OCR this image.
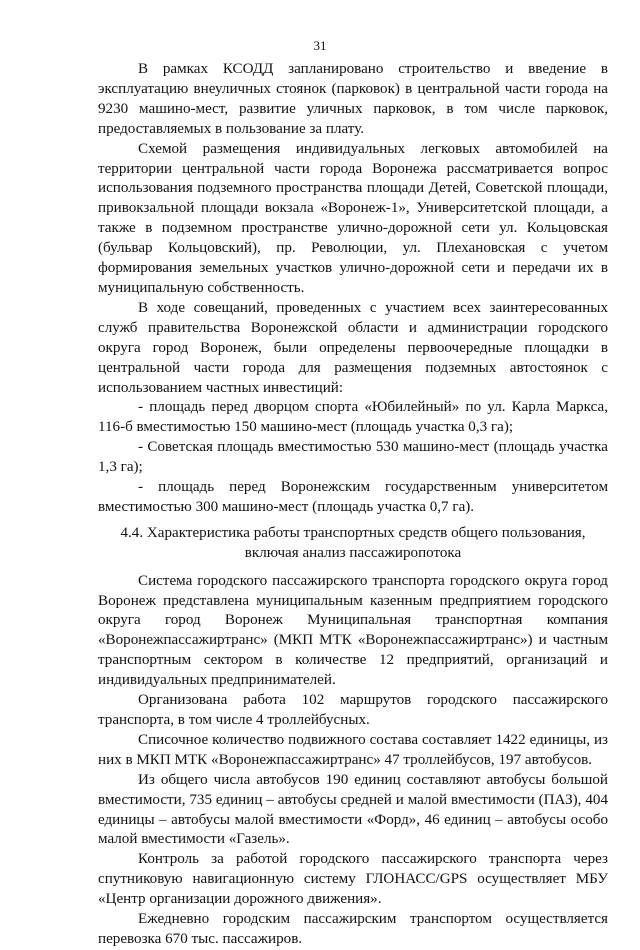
31

В рамках КСОДД запланировано строительство и введение в эксплуатацию внеуличных стоянок (парковок) в центральной части города на 9230 машино-мест, развитие уличных парковок, в том числе парковок, предоставляемых в пользование за плату.

Схемой размещения индивидуальных легковых автомобилей на территории центральной части города Воронежа рассматривается вопрос использования подземного пространства площади Детей, Советской площади, привокзальной площади вокзала «Воронеж-1», Университетской площади, а также в подземном пространстве улично-дорожной сети ул. Кольцовская (бульвар Кольцовский), пр. Революции, ул. Плехановская с учетом формирования земельных участков улично-дорожной сети и передачи их в муниципальную собственность.

В ходе совещаний, проведенных с участием всех заинтересованных служб правительства Воронежской области и администрации городского округа город Воронеж, были определены первоочередные площадки в центральной части города для размещения подземных автостоянок с использованием частных инвестиций:

- площадь перед дворцом спорта «Юбилейный» по ул. Карла Маркса, 116-б вместимостью 150 машино-мест (площадь участка 0,3 га);

- Советская площадь вместимостью 530 машино-мест (площадь участка 1,3 га);

- площадь перед Воронежским государственным университетом вместимостью 300 машино-мест (площадь участка 0,7 га).

4.4. Характеристика работы транспортных средств общего пользования,
включая анализ пассажиропотока

Система городского пассажирского транспорта городского округа город Воронеж представлена муниципальным казенным предприятием городского округа город Воронеж Муниципальная транспортная компания «Воронежпассажиртранс» (МКП МТК «Воронежпассажиртранс») и частным транспортным сектором в количестве 12 предприятий, организаций и индивидуальных предпринимателей.

Организована работа 102 маршрутов городского пассажирского транспорта, в том числе 4 троллейбусных.

Списочное количество подвижного состава составляет 1422 единицы, из них в МКП МТК «Воронежпассажиртранс» 47 троллейбусов, 197 автобусов.

Из общего числа автобусов 190 единиц составляют автобусы большой вместимости, 735 единиц – автобусы средней и малой вместимости (ПАЗ), 404 единицы – автобусы малой вместимости «Форд», 46 единиц – автобусы особо малой вместимости «Газель».

Контроль за работой городского пассажирского транспорта через спутниковую навигационную систему ГЛОНАСС/GPS осуществляет МБУ «Центр организации дорожного движения».

Ежедневно городским пассажирским транспортом осуществляется перевозка 670 тыс. пассажиров.
